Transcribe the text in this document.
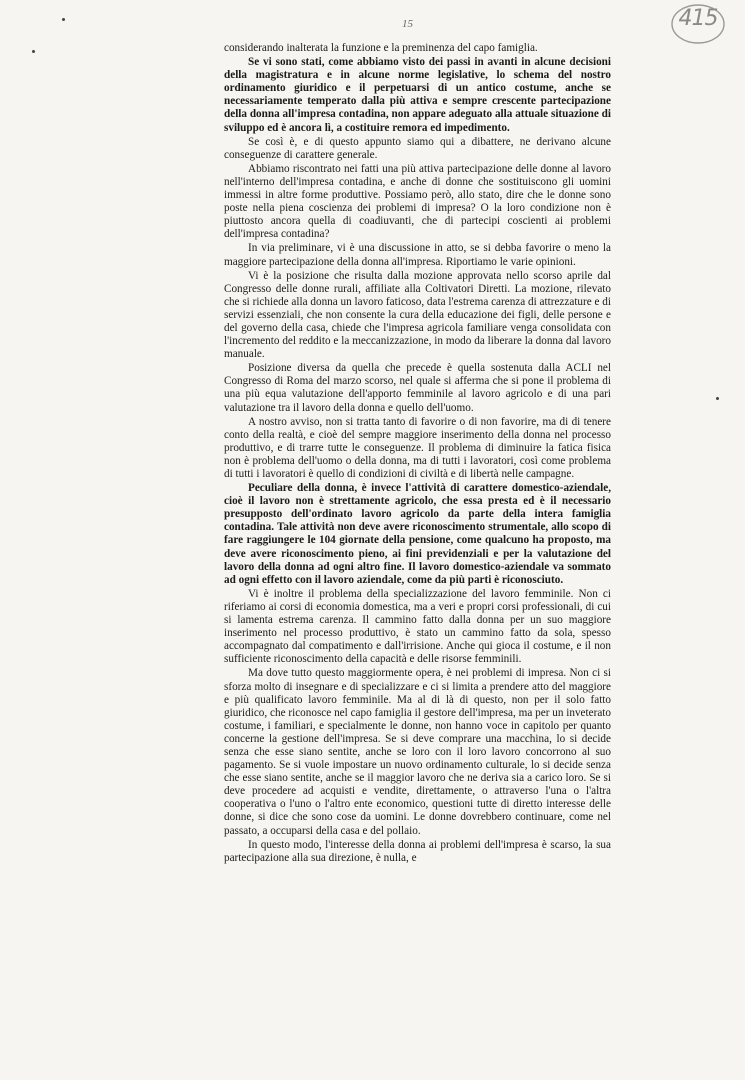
15	415

considerando inalterata la funzione e la preminenza del capo famiglia.

Se vi sono stati, come abbiamo visto dei passi in avanti in alcune decisioni della magistratura e in alcune norme legislative, lo schema del nostro ordinamento giuridico e il perpetuarsi di un antico costume, anche se necessariamente temperato dalla più attiva e sempre crescente partecipazione della donna all'impresa contadina, non appare adeguato alla attuale situazione di sviluppo ed è ancora lì, a costituire remora ed impedimento.

Se così è, e di questo appunto siamo qui a dibattere, ne derivano alcune conseguenze di carattere generale.

Abbiamo riscontrato nei fatti una più attiva partecipazione delle donne al lavoro nell'interno dell'impresa contadina, e anche di donne che sostituiscono gli uomini immessi in altre forme produttive. Possiamo però, allo stato, dire che le donne sono poste nella piena coscienza dei problemi di impresa? O la loro condizione non è piuttosto ancora quella di coadiuvanti, che di partecipi coscienti ai problemi dell'impresa contadina?

In via preliminare, vi è una discussione in atto, se si debba favorire o meno la maggiore partecipazione della donna all'impresa. Riportiamo le varie opinioni.

Vi è la posizione che risulta dalla mozione approvata nello scorso aprile dal Congresso delle donne rurali, affiliate alla Coltivatori Diretti. La mozione, rilevato che si richiede alla donna un lavoro faticoso, data l'estrema carenza di attrezzature e di servizi essenziali, che non consente la cura della educazione dei figli, delle persone e del governo della casa, chiede che l'impresa agricola familiare venga consolidata con l'incremento del reddito e la meccanizzazione, in modo da liberare la donna dal lavoro manuale.

Posizione diversa da quella che precede è quella sostenuta dalla ACLI nel Congresso di Roma del marzo scorso, nel quale si afferma che si pone il problema di una più equa valutazione dell'apporto femminile al lavoro agricolo e di una pari valutazione tra il lavoro della donna e quello dell'uomo.

A nostro avviso, non si tratta tanto di favorire o di non favorire, ma di di tenere conto della realtà, e cioè del sempre maggiore inserimento della donna nel processo produttivo, e di trarre tutte le conseguenze. Il problema di diminuire la fatica fisica non è problema dell'uomo o della donna, ma di tutti i lavoratori, così come problema di tutti i lavoratori è quello di condizioni di civiltà e di libertà nelle campagne.

Peculiare della donna, è invece l'attività di carattere domestico-aziendale, cioè il lavoro non è strettamente agricolo, che essa presta ed è il necessario presupposto dell'ordinato lavoro agricolo da parte della intera famiglia contadina. Tale attività non deve avere riconoscimento strumentale, allo scopo di fare raggiungere le 104 giornate della pensione, come qualcuno ha proposto, ma deve avere riconoscimento pieno, ai fini previdenziali e per la valutazione del lavoro della donna ad ogni altro fine. Il lavoro domestico-aziendale va sommato ad ogni effetto con il lavoro aziendale, come da più parti è riconosciuto.

Vi è inoltre il problema della specializzazione del lavoro femminile. Non ci riferiamo ai corsi di economia domestica, ma a veri e propri corsi professionali, di cui si lamenta estrema carenza. Il cammino fatto dalla donna per un suo maggiore inserimento nel processo produttivo, è stato un cammino fatto da sola, spesso accompagnato dal compatimento e dall'irrisione. Anche qui gioca il costume, e il non sufficiente riconoscimento della capacità e delle risorse femminili.

Ma dove tutto questo maggiormente opera, è nei problemi di impresa. Non ci si sforza molto di insegnare e di specializzare e ci si limita a prendere atto del maggiore e più qualificato lavoro femminile. Ma al di là di questo, non per il solo fatto giuridico, che riconosce nel capo famiglia il gestore dell'impresa, ma per un inveterato costume, i familiari, e specialmente le donne, non hanno voce in capitolo per quanto concerne la gestione dell'impresa. Se si deve comprare una macchina, lo si decide senza che esse siano sentite, anche se loro con il loro lavoro concorrono al suo pagamento. Se si vuole impostare un nuovo ordinamento culturale, lo si decide senza che esse siano sentite, anche se il maggior lavoro che ne deriva sia a carico loro. Se si deve procedere ad acquisti e vendite, direttamente, o attraverso l'una o l'altra cooperativa o l'uno o l'altro ente economico, questioni tutte di diretto interesse delle donne, si dice che sono cose da uomini. Le donne dovrebbero continuare, come nel passato, a occuparsi della casa e del pollaio.

In questo modo, l'interesse della donna ai problemi dell'impresa è scarso, la sua partecipazione alla sua direzione, è nulla, e
